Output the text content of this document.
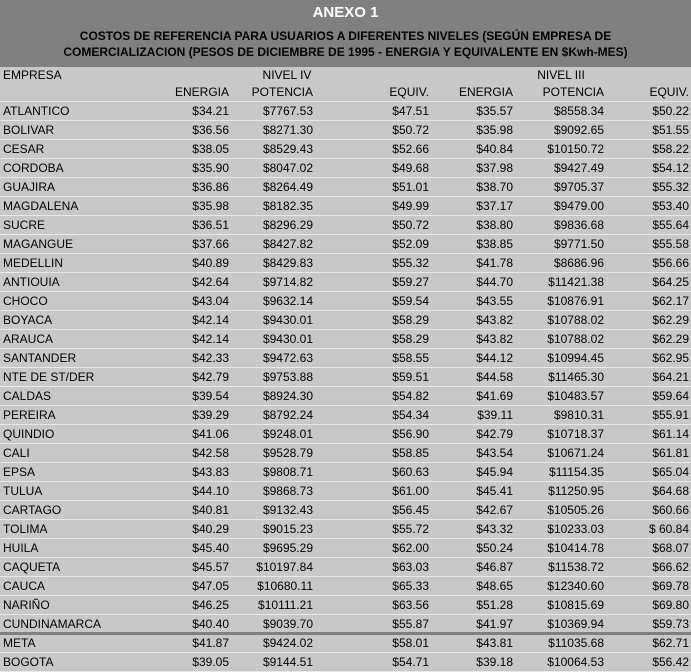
ANEXO 1
COSTOS DE REFERENCIA PARA USUARIOS A DIFERENTES NIVELES (SEGÚN EMPRESA DE
COMERCIALIZACION (PESOS DE DICIEMBRE DE 1995 - ENERGIA Y EQUIVALENTE EN $Kwh-MES)
EMPRESA	NIVEL IV			NIVEL III		
	ENERGIA	POTENCIA	EQUIV.	ENERGIA	POTENCIA	EQUIV.
ATLANTICO	$34.21	$7767.53	$47.51	$35.57	$8558.34	$50.22
BOLIVAR	$36.56	$8271.30	$50.72	$35.98	$9092.65	$51.55
CESAR	$38.05	$8529.43	$52.66	$40.84	$10150.72	$58.22
CORDOBA	$35.90	$8047.02	$49.68	$37.98	$9427.49	$54.12
GUAJIRA	$36.86	$8264.49	$51.01	$38.70	$9705.37	$55.32
MAGDALENA	$35.98	$8182.35	$49.99	$37.17	$9479.00	$53.40
SUCRE	$36.51	$8296.29	$50.72	$38.80	$9836.68	$55.64
MAGANGUE	$37.66	$8427.82	$52.09	$38.85	$9771.50	$55.58
MEDELLIN	$40.89	$8429.83	$55.32	$41.78	$8686.96	$56.66
ANTIOUIA	$42.64	$9714.82	$59.27	$44.70	$11421.38	$64.25
CHOCO	$43.04	$9632.14	$59.54	$43.55	$10876.91	$62.17
BOYACA	$42.14	$9430.01	$58.29	$43.82	$10788.02	$62.29
ARAUCA	$42.14	$9430.01	$58.29	$43.82	$10788.02	$62.29
SANTANDER	$42.33	$9472.63	$58.55	$44.12	$10994.45	$62.95
NTE DE ST/DER	$42.79	$9753.88	$59.51	$44.58	$11465.30	$64.21
CALDAS	$39.54	$8924.30	$54.82	$41.69	$10483.57	$59.64
PEREIRA	$39.29	$8792.24	$54.34	$39.11	$9810.31	$55.91
QUINDIO	$41.06	$9248.01	$56.90	$42.79	$10718.37	$61.14
CALI	$42.58	$9528.79	$58.85	$43.54	$10671.24	$61.81
EPSA	$43.83	$9808.71	$60.63	$45.94	$11154.35	$65.04
TULUA	$44.10	$9868.73	$61.00	$45.41	$11250.95	$64.68
CARTAGO	$40.81	$9132.43	$56.45	$42.67	$10505.26	$60.66
TOLIMA	$40.29	$9015.23	$55.72	$43.32	$10233.03	$ 60.84
HUILA	$45.40	$9695.29	$62.00	$50.24	$10414.78	$68.07
CAQUETA	$45.57	$10197.84	$63.03	$46.87	$11538.72	$66.62
CAUCA	$47.05	$10680.11	$65.33	$48.65	$12340.60	$69.78
NARIÑO	$46.25	$10111.21	$63.56	$51.28	$10815.69	$69.80
CUNDINAMARCA	$40.40	$9039.70	$55.87	$41.97	$10369.94	$59.73
META	$41.87	$9424.02	$58.01	$43.81	$11035.68	$62.71
BOGOTA	$39.05	$9144.51	$54.71	$39.18	$10064.53	$56.42
